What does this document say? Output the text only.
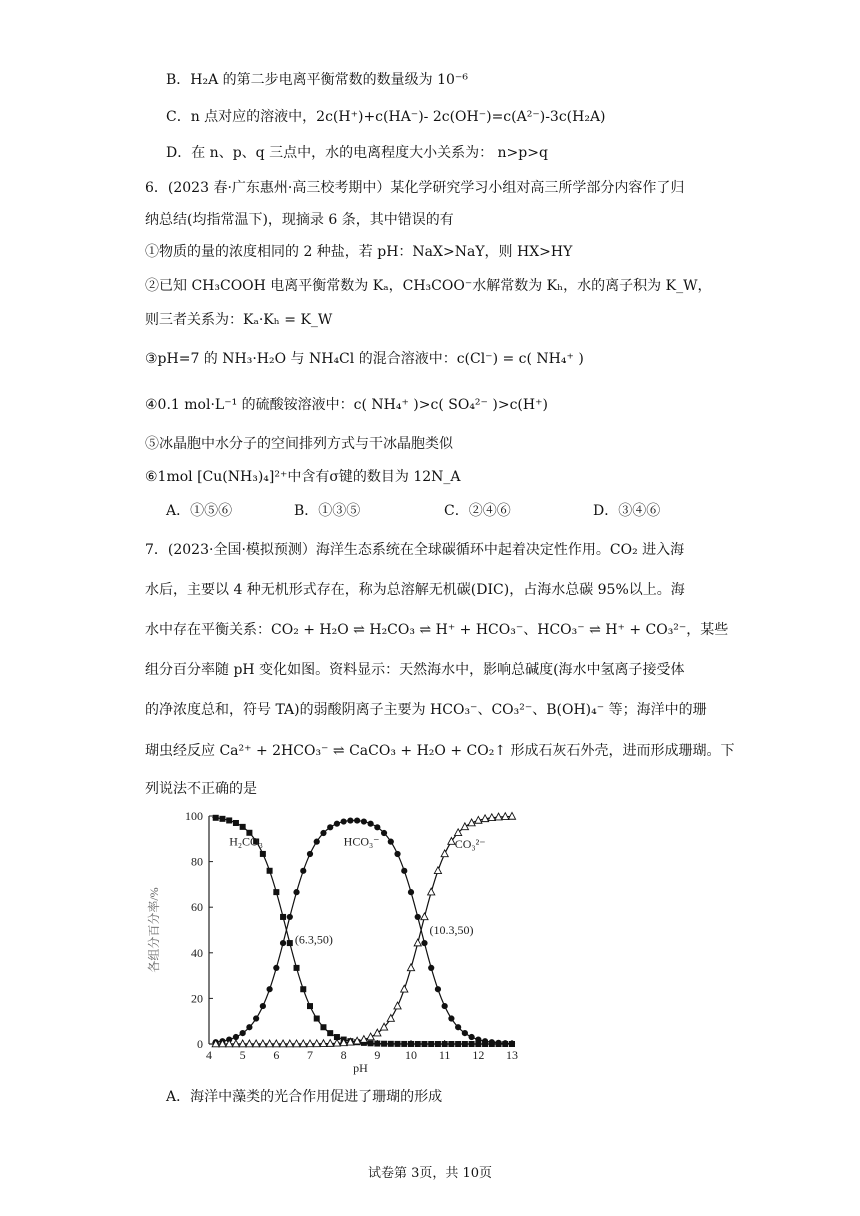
B．H₂A 的第二步电离平衡常数的数量级为 10⁻⁶
C．n 点对应的溶液中，2c(H⁺)+c(HA⁻)- 2c(OH⁻)=c(A²⁻)-3c(H₂A)
D．在 n、p、q 三点中，水的电离程度大小关系为： n>p>q
6．(2023 春·广东惠州·高三校考期中）某化学研究学习小组对高三所学部分内容作了归
纳总结(均指常温下)，现摘录 6 条，其中错误的有
①物质的量的浓度相同的 2 种盐，若 pH：NaX>NaY，则 HX>HY
②已知 CH₃COOH 电离平衡常数为 Kₐ，CH₃COO⁻水解常数为 Kₕ，水的离子积为 K_W，
则三者关系为：Kₐ·Kₕ = K_W
③pH=7 的 NH₃·H₂O 与 NH₄Cl 的混合溶液中：c(Cl⁻) = c( NH₄⁺ )
④0.1 mol·L⁻¹ 的硫酸铵溶液中：c( NH₄⁺ )>c( SO₄²⁻ )>c(H⁺)
⑤冰晶胞中水分子的空间排列方式与干冰晶胞类似
⑥1mol [Cu(NH₃)₄]²⁺中含有σ键的数目为 12N_A
A．①⑤⑥	B．①③⑤	C．②④⑥	D．③④⑥
7．(2023·全国·模拟预测）海洋生态系统在全球碳循环中起着决定性作用。CO₂ 进入海
水后，主要以 4 种无机形式存在，称为总溶解无机碳(DIC)，占海水总碳 95%以上。海
水中存在平衡关系：CO₂ + H₂O ⇌ H₂CO₃ ⇌ H⁺ + HCO₃⁻、HCO₃⁻ ⇌ H⁺ + CO₃²⁻，某些
组分百分率随 pH 变化如图。资料显示：天然海水中，影响总碱度(海水中氢离子接受体
的净浓度总和，符号 TA)的弱酸阴离子主要为 HCO₃⁻、CO₃²⁻、B(OH)₄⁻ 等；海洋中的珊
瑚虫经反应 Ca²⁺ + 2HCO₃⁻ ⇌ CaCO₃ + H₂O + CO₂↑ 形成石灰石外壳，进而形成珊瑚。下
列说法不正确的是
4 5 6 7 8 9 10 11 12 13
0
20
40
60
80
100
pH
各组分百分率/%
H₂CO₃	HCO₃⁻	CO₃²⁻
(6.3,50)
(10.3,50)
A．海洋中藻类的光合作用促进了珊瑚的形成
试卷第 3页，共 10页
